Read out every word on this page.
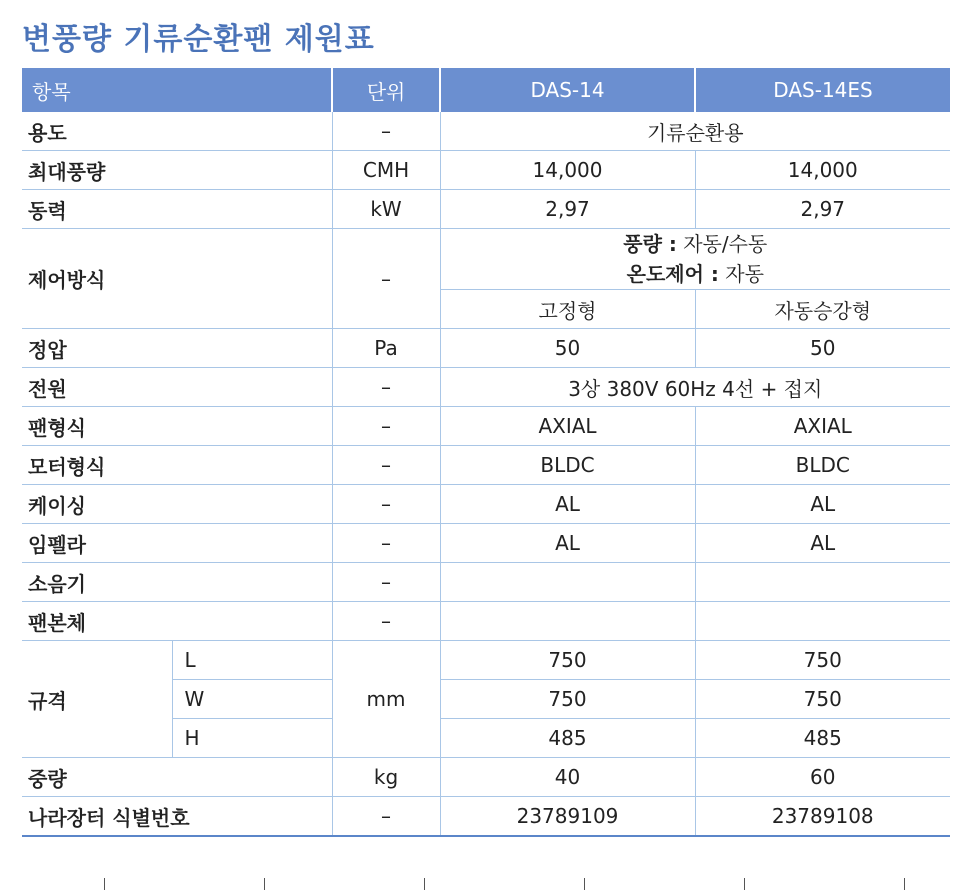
변풍량 기류순환팬 제원표
항목		단위	DAS-14	DAS-14ES
용도		–	기류순환용	
최대풍량		CMH	14,000	14,000
동력		kW	2,97	2,97
제어방식		–	풍량 : 자동/수동
온도제어 : 자동	

			고정형	자동승강형
정압		Pa	50	50
전원		–	3상 380V 60Hz 4선 + 접지	
팬형식		–	AXIAL	AXIAL
모터형식		–	BLDC	BLDC
케이싱		–	AL	AL
임펠라		–	AL	AL
소음기		–		
팬본체		–		
규격	L	mm	750	750
	W		750	750
	H		485	485
중량		kg	40	60
나라장터 식별번호		–	23789109	23789108
